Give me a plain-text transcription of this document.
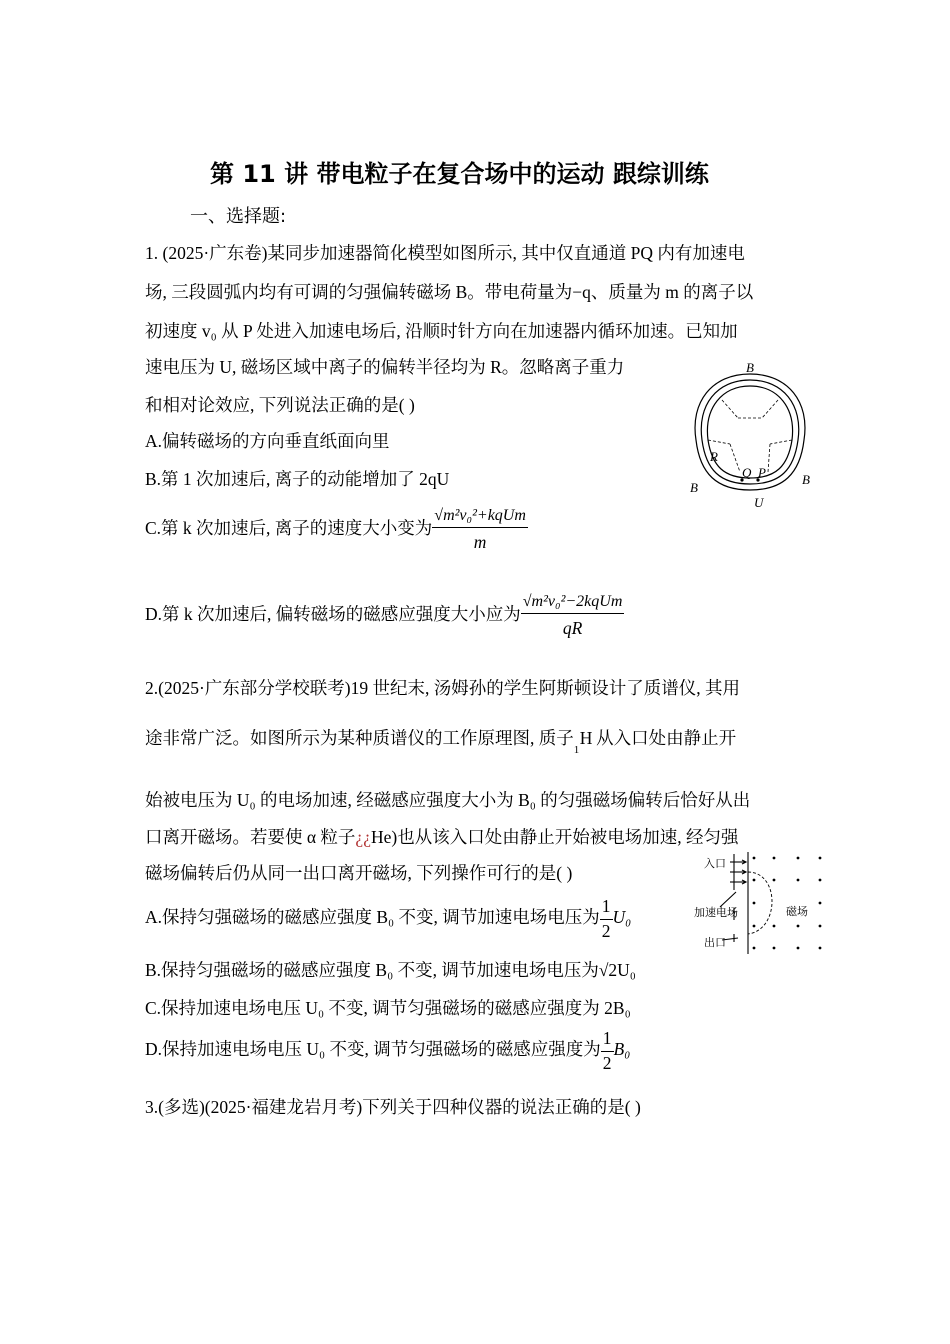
第 11 讲 带电粒子在复合场中的运动 跟综训练
一、选择题:
1. (2025·广东卷)某同步加速器简化模型如图所示, 其中仅直通道 PQ 内有加速电
场, 三段圆弧内均有可调的匀强偏转磁场 B。带电荷量为−q、质量为 m 的离子以
初速度 v₀ 从 P 处进入加速电场后, 沿顺时针方向在加速器内循环加速。已知加
速电压为 U, 磁场区域中离子的偏转半径均为 R。忽略离子重力
和相对论效应, 下列说法正确的是( )
A.偏转磁场的方向垂直纸面向里
B.第 1 次加速后, 离子的动能增加了 2qU
C.第 k 次加速后, 离子的速度大小变为 $\frac{\text{√m²v₀²+kqUm}}{m}$
D.第 k 次加速后, 偏转磁场的磁感应强度大小应为 $\frac{\text{√m²v₀²−2kqUm}}{qR}$
B
B
B
R
Q P
U
2.(2025·广东部分学校联考)19 世纪末, 汤姆孙的学生阿斯顿设计了质谱仪, 其用
途非常广泛。如图所示为某种质谱仪的工作原理图, 质子
1
H 从入口处由静止开
始被电压为 U₀ 的电场加速, 经磁感应强度大小为 B₀ 的匀强磁场偏转后恰好从出
口离开磁场。若要使 α 粒子¿¿He)也从该入口处由静止开始被电场加速, 经匀强
磁场偏转后仍从同一出口离开磁场, 下列操作可行的是( )
A.保持匀强磁场的磁感应强度 B₀ 不变, 调节加速电场电压为 $\frac{1}{2} U_0$
B.保持匀强磁场的磁感应强度 B₀ 不变, 调节加速电场电压为√2U₀
C.保持加速电场电压 U₀ 不变, 调节匀强磁场的磁感应强度为 2B₀
D.保持加速电场电压 U₀ 不变, 调节匀强磁场的磁感应强度为 $\frac{1}{2} B_0$
入口
加速电场	磁场
出口
3.(多选)(2025·福建龙岩月考)下列关于四种仪器的说法正确的是( )
